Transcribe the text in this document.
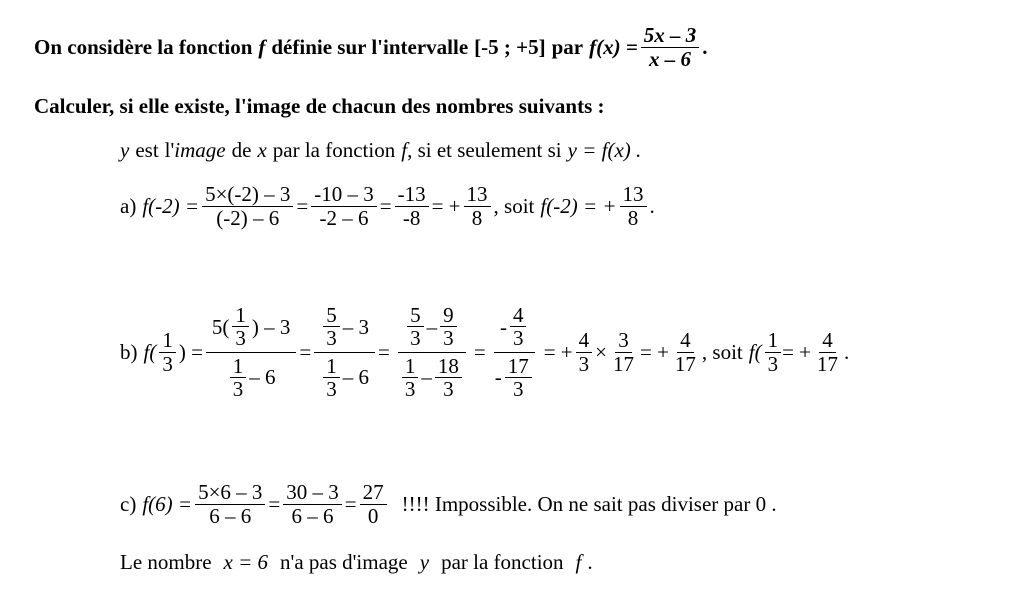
On considère la fonction f définie sur l'intervalle [-5 ; +5] par $f(x) = \frac{5x - 3}{x - 6}$ .
Calculer, si elle existe, l'image de chacun des nombres suivants :
y est l' image de x par la fonction f , si et seulement si y = f(x) .
a) $f(-2) = \frac{5\times(-2) - 3}{(-2) - 6} = \frac{-10 - 3}{-2 - 6} = \frac{-13}{-8}$ = + $\frac{13}{8}$ , soit f(-2) = + $\frac{13}{8}$ .
b) $f( \frac{1}{3}$ ) = $\frac{5( \frac{1}{3} ) - 3}{\frac{1}{3} - 6} = \frac{\frac{5}{3} - 3}{\frac{1}{3} - 6} = \frac{\frac{5}{3} - \frac{9}{3}}{\frac{1}{3} - \frac{18}{3}} = \frac{- \frac{4}{3}}{- \frac{17}{3}}$ = + $\frac{4}{3} \times \frac{3}{17}$ = + $\frac{4}{17}$ , soit $f( \frac{1}{3}$ = + $\frac{4}{17}$ .
c) $f(6) = \frac{5\times 6 - 3}{6 - 6} = \frac{30 - 3}{6 - 6} = \frac{27}{0}$ !!!! Impossible. On ne sait pas diviser par 0 .
Le nombre x = 6 n'a pas d'image y par la fonction f .
